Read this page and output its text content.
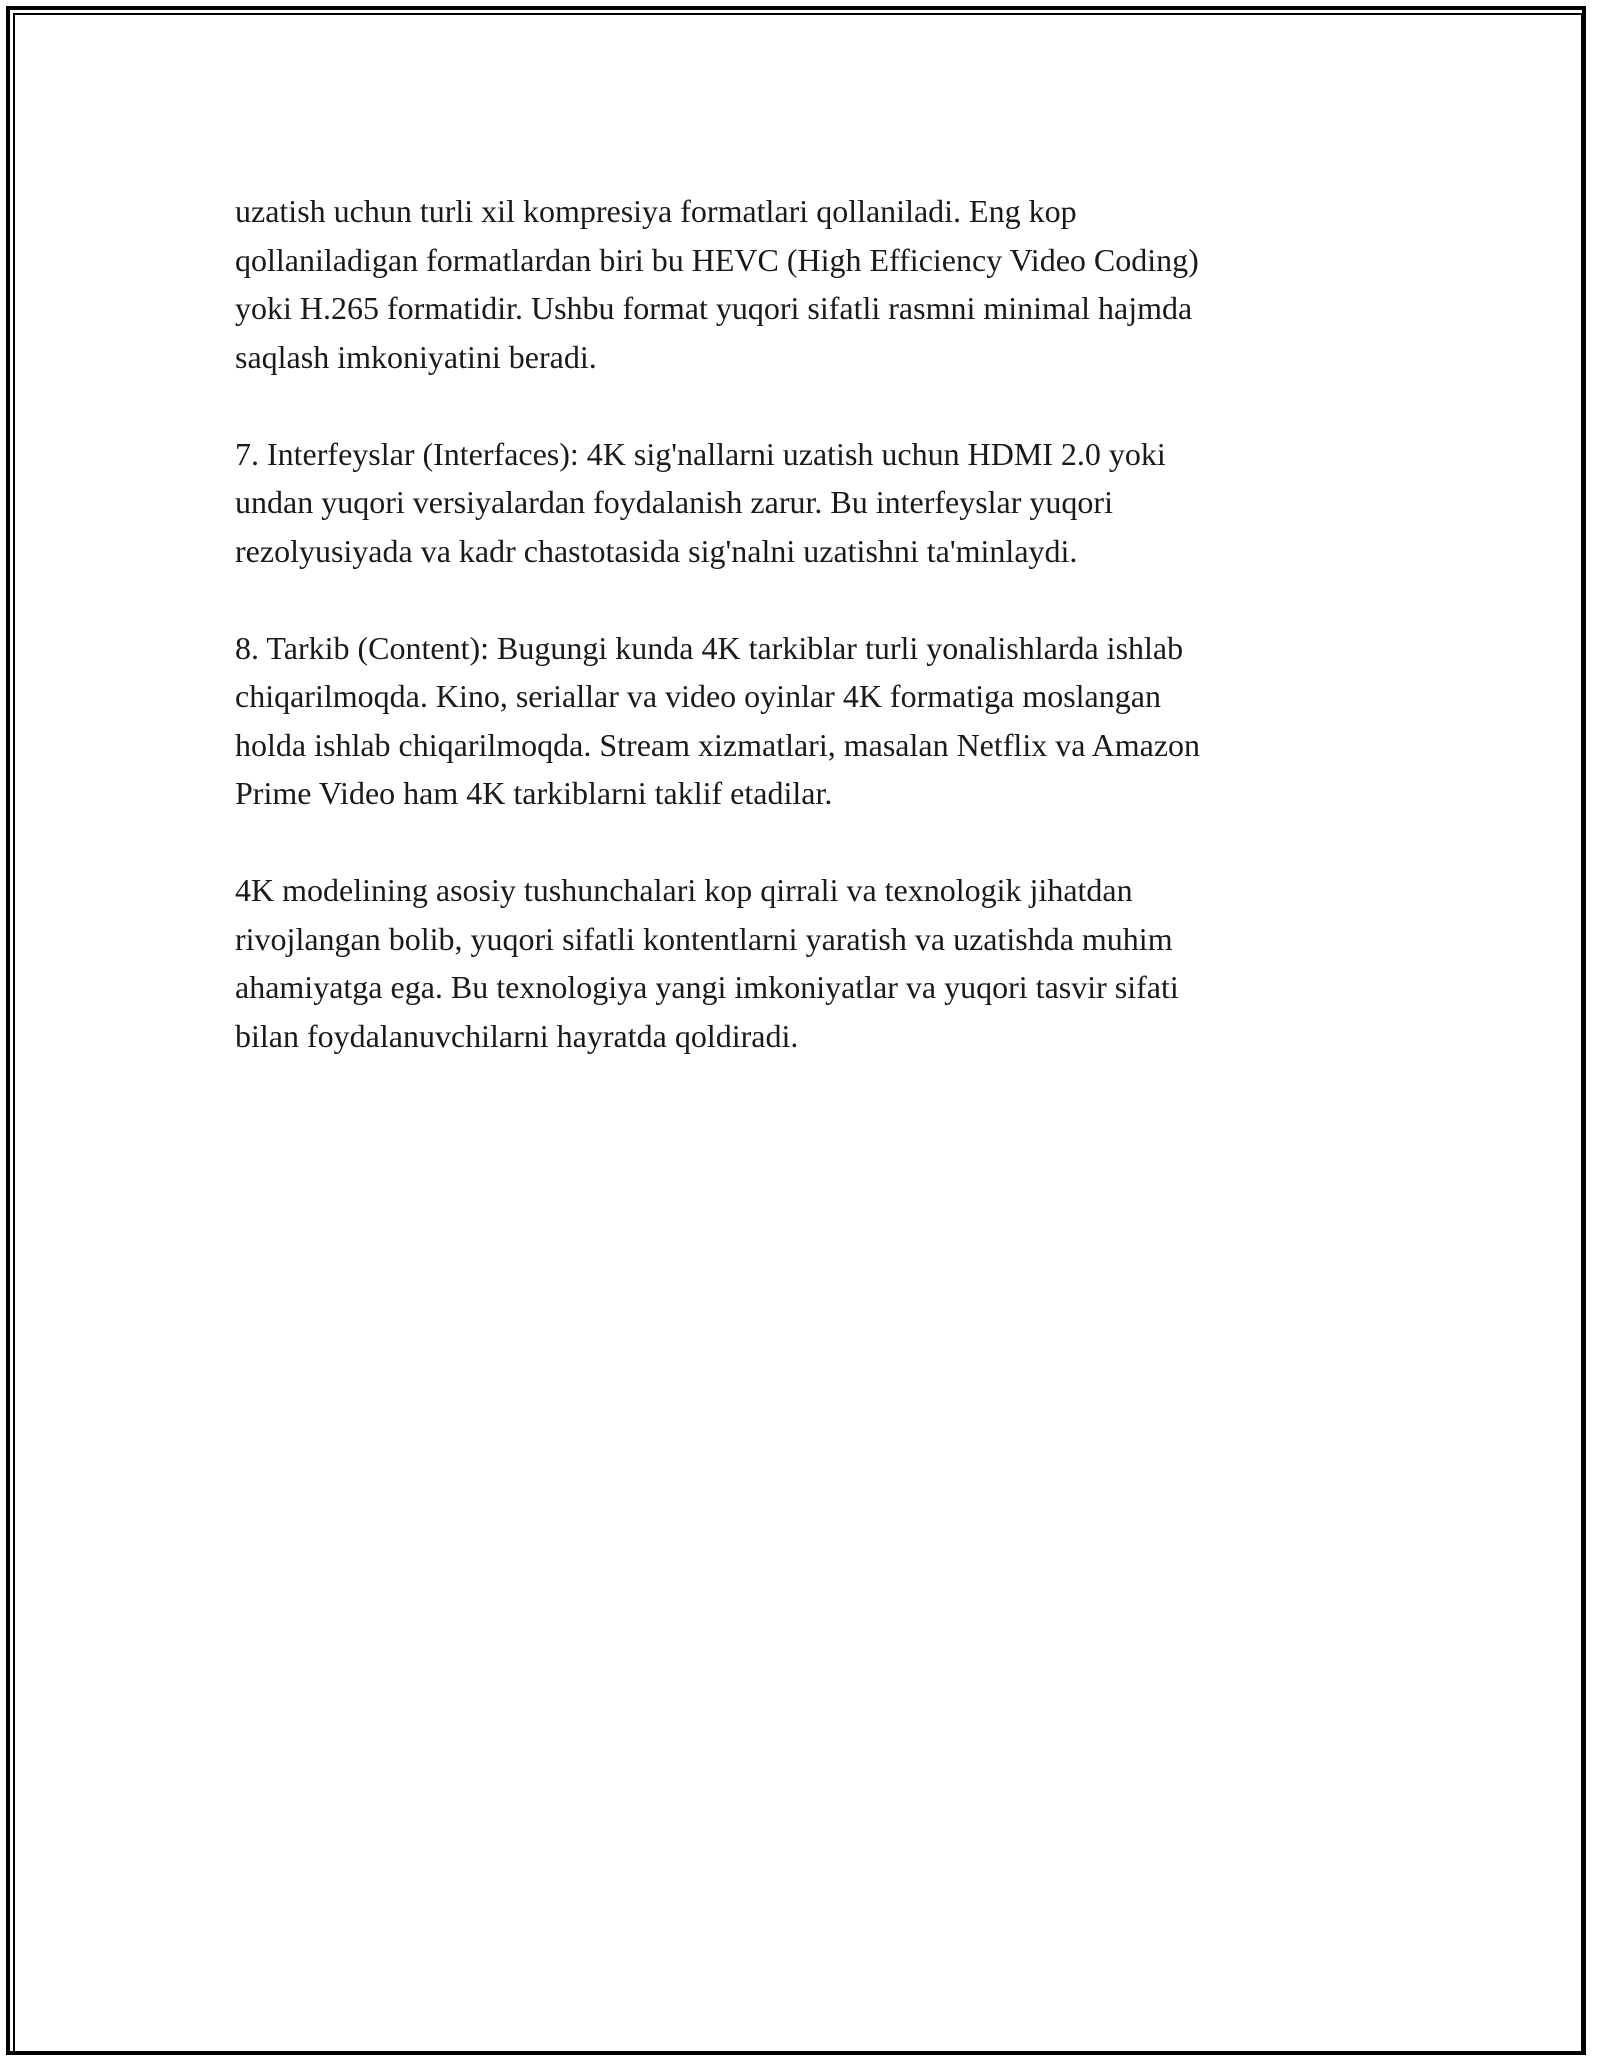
uzatish uchun turli xil kompresiya formatlari qollaniladi. Eng kop
qollaniladigan formatlardan biri bu HEVC (High Efficiency Video Coding)
yoki H.265 formatidir. Ushbu format yuqori sifatli rasmni minimal hajmda
saqlash imkoniyatini beradi.

7. Interfeyslar (Interfaces): 4K sig'nallarni uzatish uchun HDMI 2.0 yoki
undan yuqori versiyalardan foydalanish zarur. Bu interfeyslar yuqori
rezolyusiyada va kadr chastotasida sig'nalni uzatishni ta'minlaydi.

8. Tarkib (Content): Bugungi kunda 4K tarkiblar turli yonalishlarda ishlab
chiqarilmoqda. Kino, seriallar va video oyinlar 4K formatiga moslangan
holda ishlab chiqarilmoqda. Stream xizmatlari, masalan Netflix va Amazon
Prime Video ham 4K tarkiblarni taklif etadilar.

4K modelining asosiy tushunchalari kop qirrali va texnologik jihatdan
rivojlangan bolib, yuqori sifatli kontentlarni yaratish va uzatishda muhim
ahamiyatga ega. Bu texnologiya yangi imkoniyatlar va yuqori tasvir sifati
bilan foydalanuvchilarni hayratda qoldiradi.
